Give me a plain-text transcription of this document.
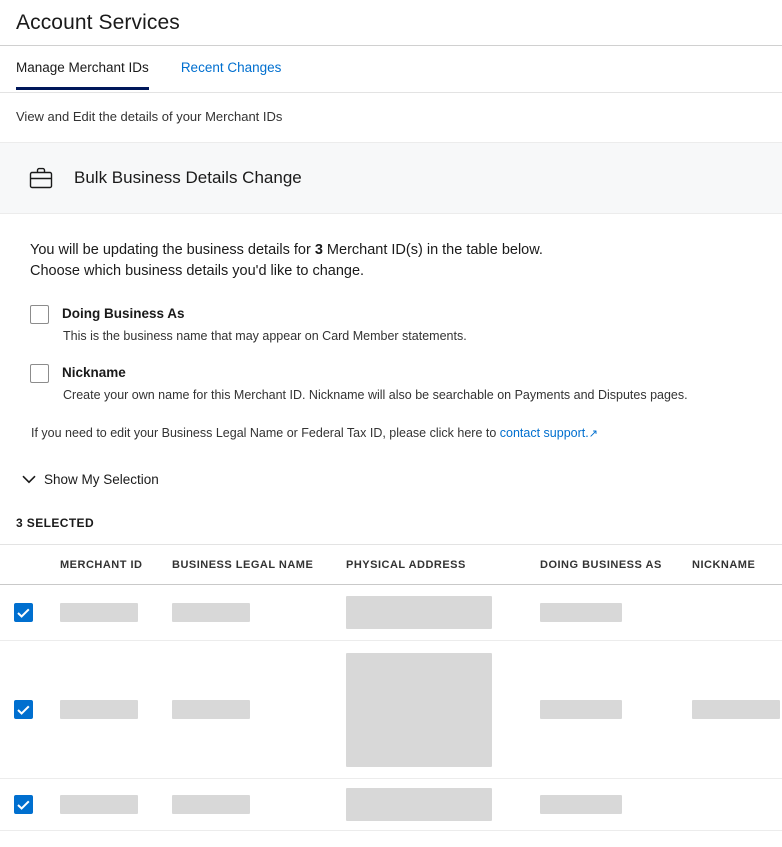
Account Services
Manage Merchant IDs Recent Changes
View and Edit the details of your Merchant IDs
Bulk Business Details Change

You will be updating the business details for 3 Merchant ID(s) in the table below.
Choose which business details you'd like to change.

Doing Business As
This is the business name that may appear on Card Member statements.
Nickname
Create your own name for this Merchant ID. Nickname will also be searchable on Payments and Disputes pages.
If you need to edit your Business Legal Name or Federal Tax ID, please click here to contact support.↗
Show My Selection
3 SELECTED
MERCHANT ID	BUSINESS LEGAL NAME	PHYSICAL ADDRESS	DOING BUSINESS AS	NICKNAME
